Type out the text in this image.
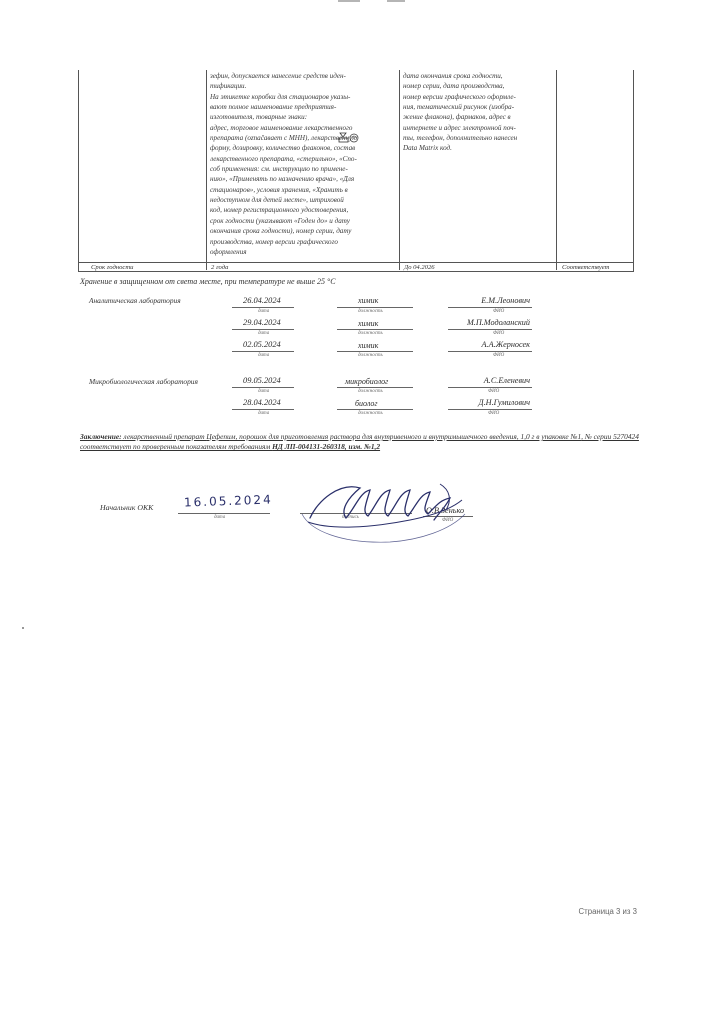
зефин, допускается нанесение средств иден-
тификации.
На этикетке коробки для стационаров указы-
вают полное наименование предприятия-
изготовителя, товарные знаки:
адрес, торговое наименование лекарственного
препарата (označавает с МНН), лекарственную
форму, дозировку, количество флаконов, состав
лекарственного препарата, «стерильно», «Спо-
соб применения: см. инструкцию по примене-
нию», «Применять по назначению врача», «Для
стационаров», условия хранения, «Хранить в
недоступном для детей месте», штриховой
код, номер регистрационного удостоверения,
срок годности (указывают «Годен до» и дату
окончания срока годности), номер серии, дату
производства, номер версии графического
оформления
дата окончания срока годности,
номер серии, дата производства,
номер версии графического оформле-
ния, тематический рисунок (изобра-
жение флакона), фармаков, адрес в
интернете и адрес электронной поч-
ты, телефон, дополнительно нанесен
Data Matrix код.
Срок годности	2 года	До 04.2026	Соответствует
Хранение в защищенном от света месте, при температуре не выше 25 °С
Аналитическая лаборатория	26.04.2024	химик	Е.М.Леонович
дата	должность	ФИО
29.04.2024	химик	М.П.Модоланский
дата	должность	ФИО
02.05.2024	химик	А.А.Жерносек
дата	должность	ФИО
Микробиологическая лаборатория	09.05.2024	микробиолог	А.С.Еленевич
дата	должность	ФИО
28.04.2024	биолог	Д.Н.Гумилович
дата	должность	ФИО
Заключение: лекарственный препарат Цефепим, порошок для приготовления раствора для внутривенного и внутримышечного введения, 1,0 г в упаковке №1, № серии 5270424 соответствует по проверенным показателям требованиям НД ЛП-004131-260318, изм. №1,2
Начальник ОКК	16.05.2024
дата	подпись
О.В.Зенько
ФИО
Страница 3 из 3
